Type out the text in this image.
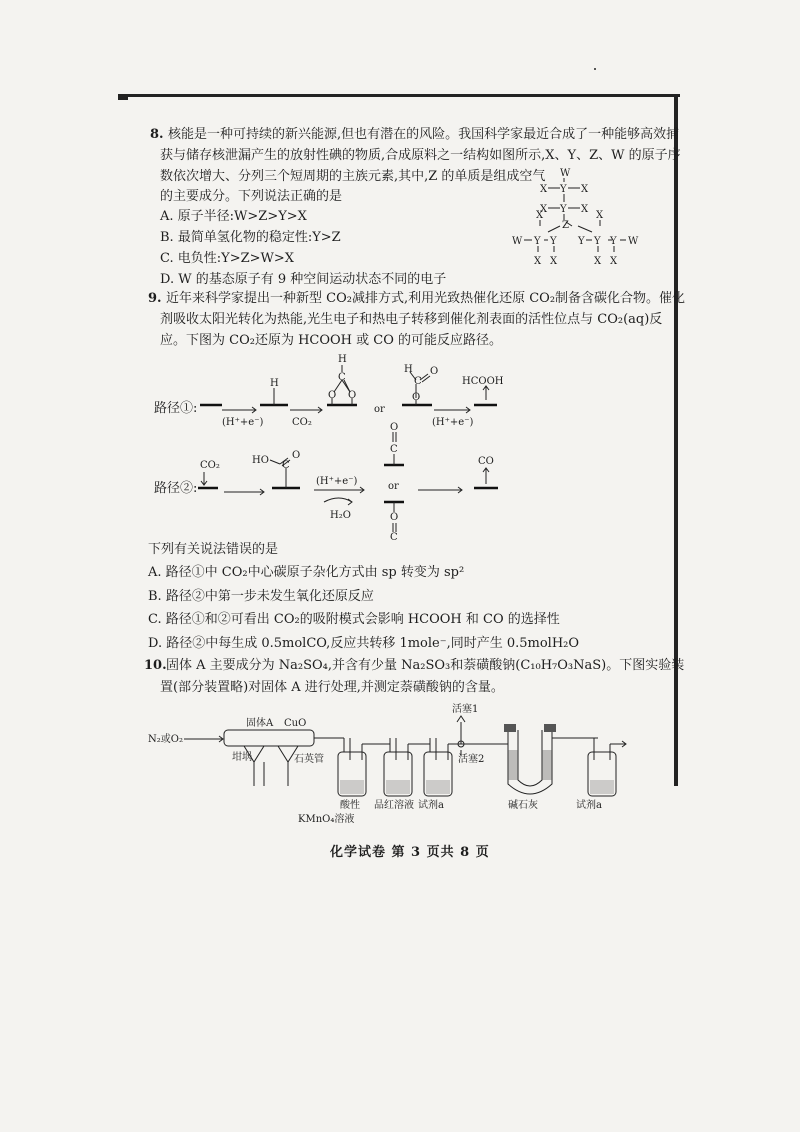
8. 核能是一种可持续的新兴能源,但也有潜在的风险。我国科学家最近合成了一种能够高效捕
获与储存核泄漏产生的放射性碘的物质,合成原料之一结构如图所示,X、Y、Z、W 的原子序
数依次增大、分列三个短周期的主族元素,其中,Z 的单质是组成空气
的主要成分。下列说法正确的是
A. 原子半径:W>Z>Y>X
B. 最简单氢化物的稳定性:Y>Z
C. 电负性:Y>Z>W>X
D. W 的基态原子有 9 种空间运动状态不同的电子
W
X Y X
X Y X
X
Z
X
W Y Y Y Y Y W
X X	X X
9. 近年来科学家提出一种新型 CO₂减排方式,利用光致热催化还原 CO₂制备含碳化合物。催化
剂吸收太阳光转化为热能,光生电子和热电子转移到催化剂表面的活性位点与 CO₂(aq)反
应。下图为 CO₂还原为 HCOOH 或 CO 的可能反应路径。
路径①:
(H⁺+e⁻)
H
CO₂
H
C
O O
or
H
C
O
O
(H⁺+e⁻)
HCOOH
路径②:
CO₂	HO C
O
(H⁺+e⁻)
H₂O
O
C
or
O
C
CO
下列有关说法错误的是
A. 路径①中 CO₂中心碳原子杂化方式由 sp 转变为 sp²
B. 路径②中第一步未发生氧化还原反应
C. 路径①和②可看出 CO₂的吸附模式会影响 HCOOH 和 CO 的选择性
D. 路径②中每生成 0.5molCO,反应共转移 1mole⁻,同时产生 0.5molH₂O
10. 固体 A 主要成分为 Na₂SO₄,并含有少量 Na₂SO₃和萘磺酸钠(C₁₀H₇O₃NaS)。下图实验装
置(部分装置略)对固体 A 进行处理,并测定萘磺酸钠的含量。
N₂或O₂
固体A CuO
坩埚	石英管
酸性
KMnO₄溶液
品红溶液 试剂a
活塞1
活塞2
碱石灰	试剂a
化学试卷 第 3 页共 8 页
